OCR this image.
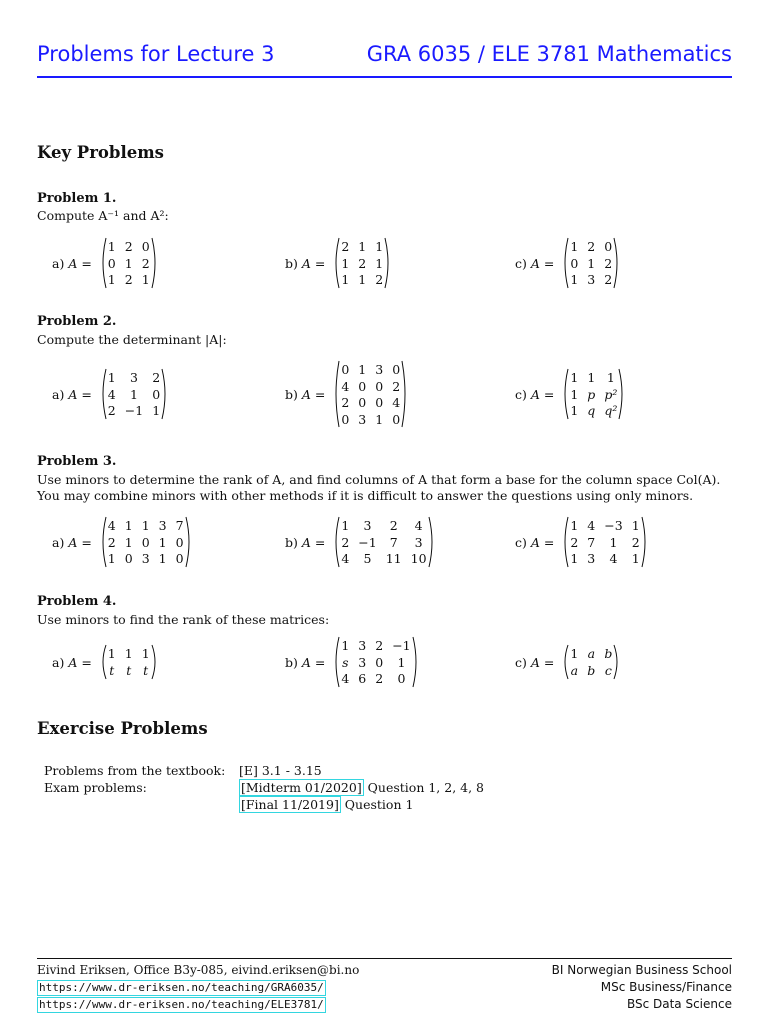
Problems for Lecture 3	GRA 6035 / ELE 3781 Mathematics
Key Problems
Problem 1.
Compute A⁻¹ and A²:
a) A =
1 2 0
0 1 2
1 2 1
b) A =
2 1 1
1 2 1
1 1 2
c) A =
1 2 0
0 1 2
1 3 2
Problem 2.
Compute the determinant |A|:
a) A =
1	3	2
4	1	0
2 −1 1
b) A =
0 1 3 0
4 0 0 2
2 0 0 4
0 3 1 0
c) A =
1 1 1
1 p p²
1 q q²
Problem 3.
Use minors to determine the rank of A, and find columns of A that form a base for the column space Col(A). You may combine minors with other methods if it is difficult to answer the questions using only minors.
a) A =
4 1 1 3 7
2 1 0 1 0
1 0 3 1 0
b) A =
1	3	2	4
2 −1	7	3
4	5	11 10
c) A =
1 4 −3 1
2 7	1	2
1 3	4	1
Problem 4.
Use minors to find the rank of these matrices:
a) A =
1 1 1
t t t
b) A =
1 3 2 −1
s 3 0	1
4 6 2	0
c) A =
1 a b
a b c
Exercise Problems
Problems from the textbook:	[E] 3.1 - 3.15
Exam problems:	[Midterm 01/2020] Question 1, 2, 4, 8
[Final 11/2019] Question 1
Eivind Eriksen, Office B3y-085, eivind.eriksen@bi.no
https://www.dr-eriksen.no/teaching/GRA6035/
https://www.dr-eriksen.no/teaching/ELE3781/
BI Norwegian Business School
MSc Business/Finance
BSc Data Science
